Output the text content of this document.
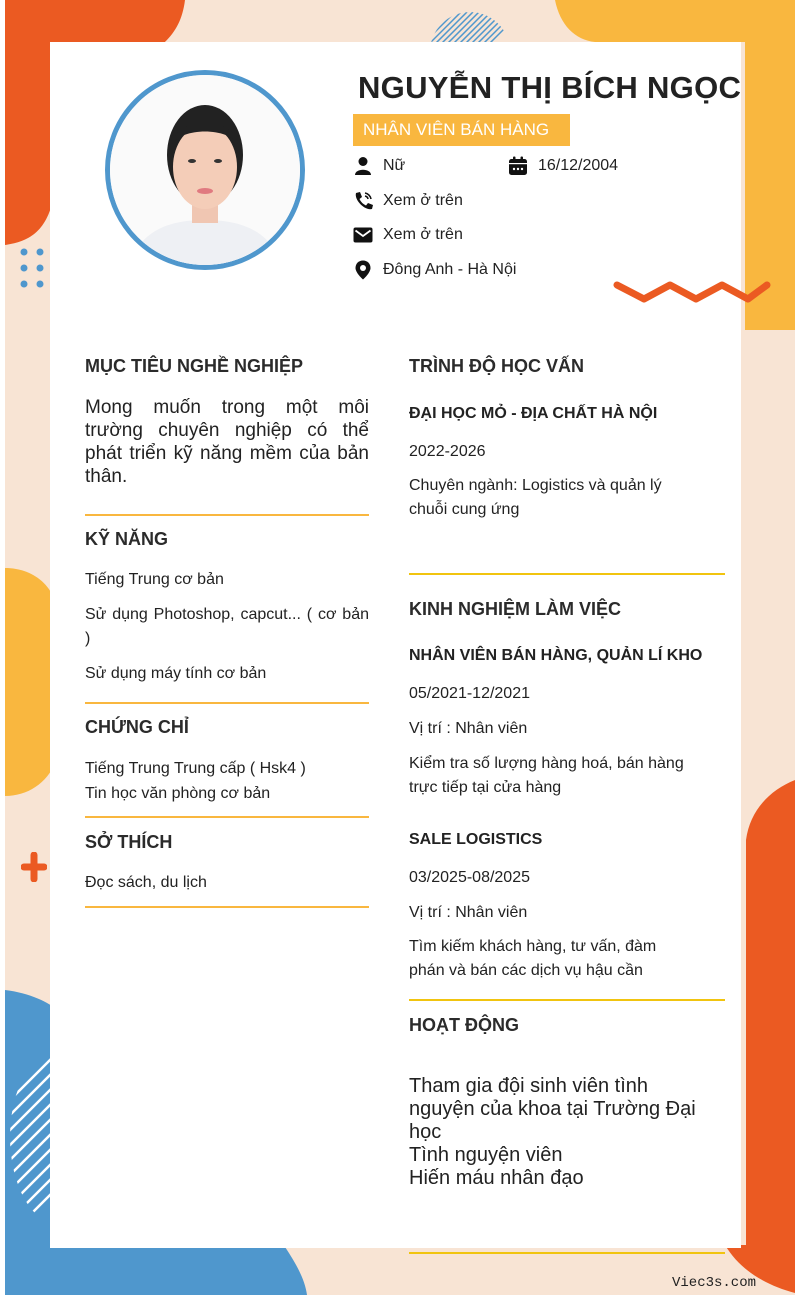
NGUYỄN THỊ BÍCH NGỌC
NHÂN VIÊN BÁN HÀNG
Nữ	16/12/2004
Xem ở trên
Xem ở trên
Đông Anh - Hà Nội
MỤC TIÊU NGHỀ NGHIỆP
Mong muốn trong một môi trường chuyên nghiệp có thể phát triển kỹ năng mềm của bản thân.
KỸ NĂNG
Tiếng Trung cơ bản
Sử dụng Photoshop, capcut... ( cơ bản )
Sử dụng máy tính cơ bản
CHỨNG CHỈ
Tiếng Trung Trung cấp ( Hsk4 )
Tin học văn phòng cơ bản
SỞ THÍCH
Đọc sách, du lịch
TRÌNH ĐỘ HỌC VẤN
ĐẠI HỌC MỎ - ĐỊA CHẤT HÀ NỘI
2022-2026
Chuyên ngành: Logistics và quản lý chuỗi cung ứng
KINH NGHIỆM LÀM VIỆC
NHÂN VIÊN BÁN HÀNG, QUẢN LÍ KHO
05/2021-12/2021
Vị trí : Nhân viên
Kiểm tra số lượng hàng hoá, bán hàng trực tiếp tại cửa hàng
SALE LOGISTICS
03/2025-08/2025
Vị trí : Nhân viên
Tìm kiếm khách hàng, tư vấn, đàm phán và bán các dịch vụ hậu cần
HOẠT ĐỘNG
Tham gia đội sinh viên tình nguyện của khoa tại Trường Đại học
Tình nguyện viên
Hiến máu nhân đạo
Viec3s.com
